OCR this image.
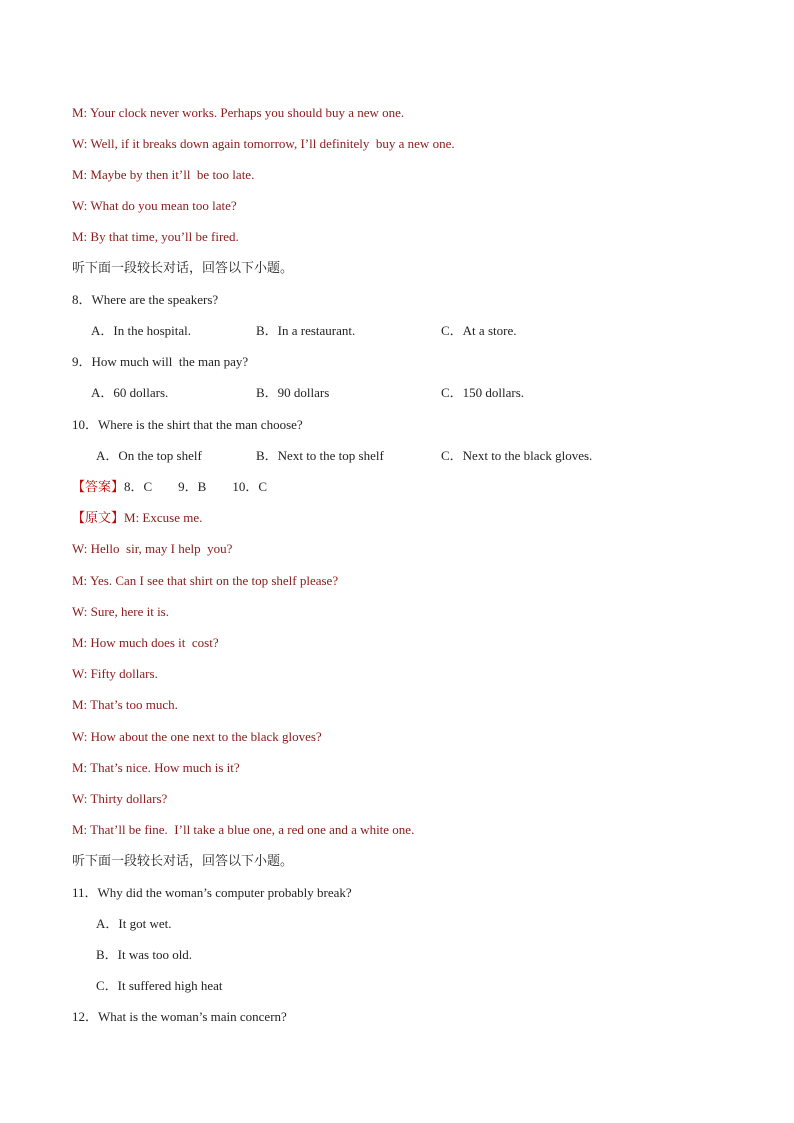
M: Your clock never works. Perhaps you should buy a new one.
W: Well, if it breaks down again tomorrow, I’ll definitely  buy a new one.
M: Maybe by then it’ll  be too late.
W: What do you mean too late?
M: By that time, you’ll be fired.
听下面一段较长对话，回答以下小题。
8．Where are the speakers?
A．In the hospital.	B．In a restaurant.	C．At a store.
9．How much will  the man pay?
A．60 dollars.	B．90 dollars	C．150 dollars.
10．Where is the shirt that the man choose?
A．On the top shelf	B．Next to the top shelf	C．Next to the black gloves.
【答案】8．C        9．B        10．C
【原文】M: Excuse me.
W: Hello  sir, may I help  you?
M: Yes. Can I see that shirt on the top shelf please?
W: Sure, here it is.
M: How much does it  cost?
W: Fifty dollars.
M: That’s too much.
W: How about the one next to the black gloves?
M: That’s nice. How much is it?
W: Thirty dollars?
M: That’ll be fine.  I’ll take a blue one, a red one and a white one.
听下面一段较长对话，回答以下小题。
11．Why did the woman’s computer probably break?
A．It got wet.
B．It was too old.
C．It suffered high heat
12．What is the woman’s main concern?
